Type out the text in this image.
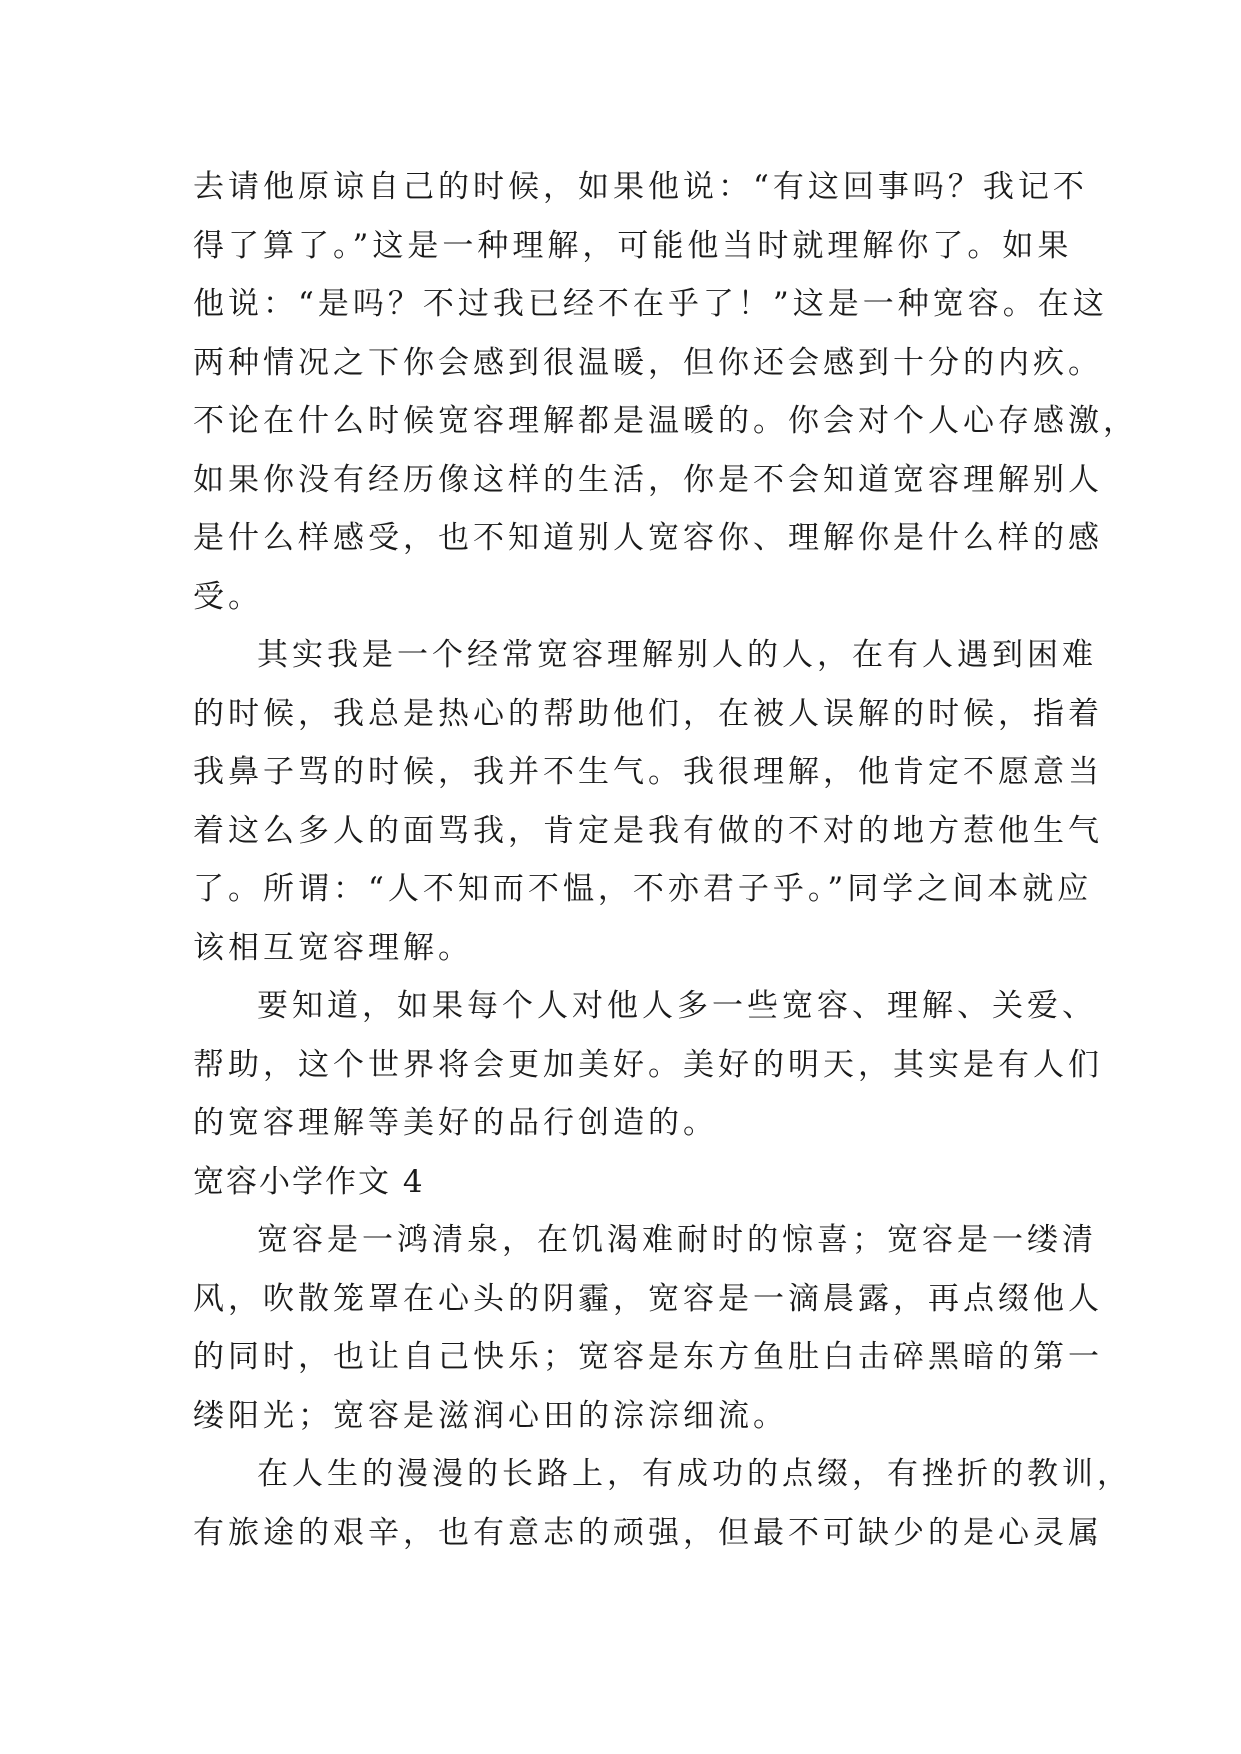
去请他原谅自己的时候，如果他说：“有这回事吗？我记不
得了算了。”这是一种理解，可能他当时就理解你了。如果
他说：“是吗？不过我已经不在乎了！”这是一种宽容。在这
两种情况之下你会感到很温暖，但你还会感到十分的内疚。
不论在什么时候宽容理解都是温暖的。你会对个人心存感激，
如果你没有经历像这样的生活，你是不会知道宽容理解别人
是什么样感受，也不知道别人宽容你、理解你是什么样的感
受。
其实我是一个经常宽容理解别人的人，在有人遇到困难
的时候，我总是热心的帮助他们，在被人误解的时候，指着
我鼻子骂的时候，我并不生气。我很理解，他肯定不愿意当
着这么多人的面骂我，肯定是我有做的不对的地方惹他生气
了。所谓：“人不知而不愠，不亦君子乎。”同学之间本就应
该相互宽容理解。
要知道，如果每个人对他人多一些宽容、理解、关爱、
帮助，这个世界将会更加美好。美好的明天，其实是有人们
的宽容理解等美好的品行创造的。
宽容小学作文 4
宽容是一鸿清泉，在饥渴难耐时的惊喜；宽容是一缕清
风，吹散笼罩在心头的阴霾，宽容是一滴晨露，再点缀他人
的同时，也让自己快乐；宽容是东方鱼肚白击碎黑暗的第一
缕阳光；宽容是滋润心田的淙淙细流。
在人生的漫漫的长路上，有成功的点缀，有挫折的教训，
有旅途的艰辛，也有意志的顽强，但最不可缺少的是心灵属
